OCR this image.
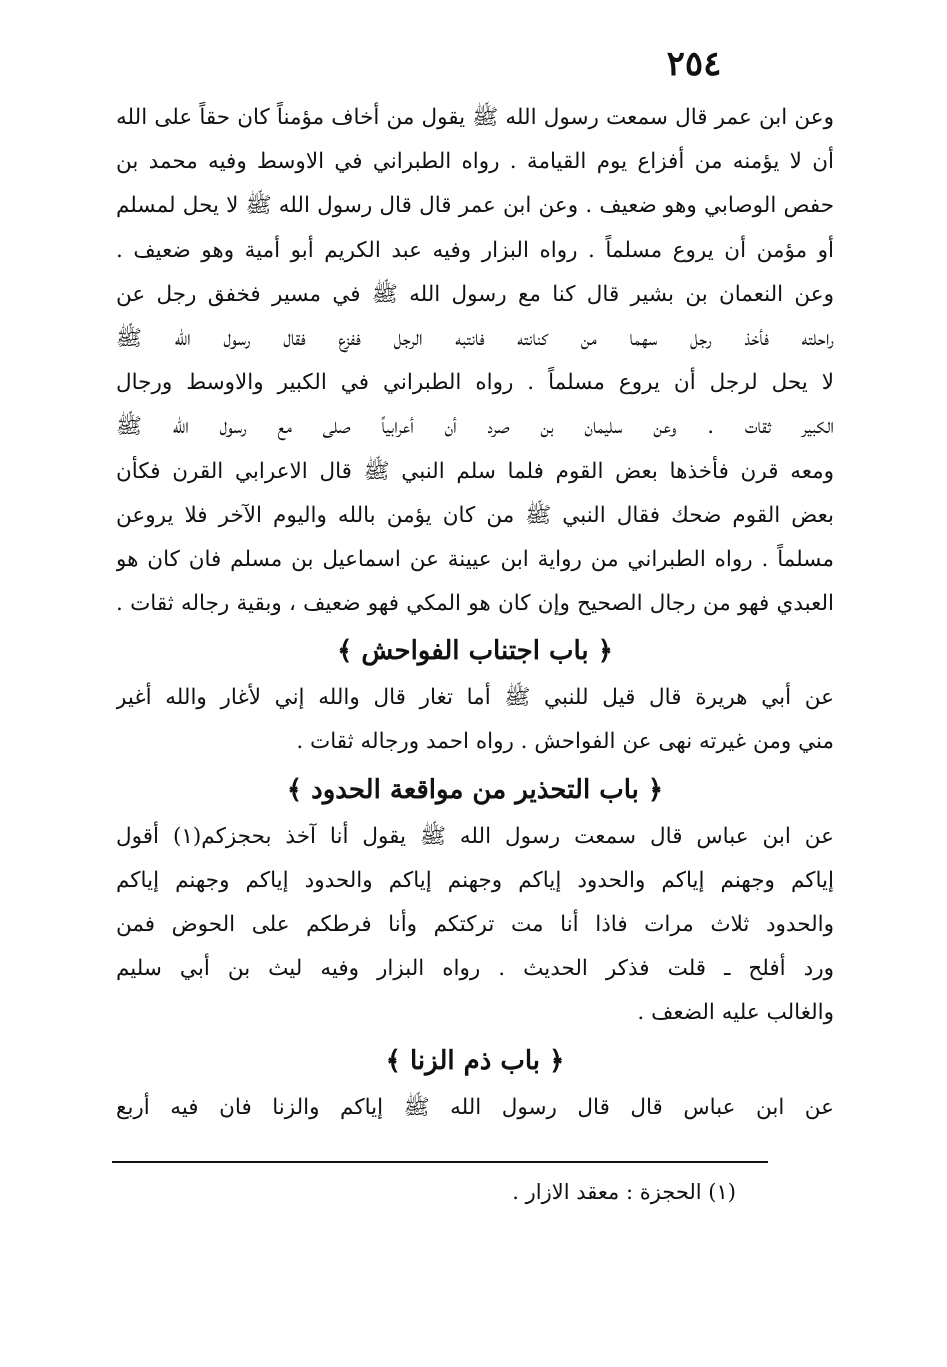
٢٥٤
وعن ابن عمر قال سمعت رسول الله ﷺ يقول من أخاف مؤمناً كان حقاً على الله
أن لا يؤمنه من أفزاع يوم القيامة . رواه الطبراني في الاوسط وفيه محمد بن
حفص الوصابي وهو ضعيف . وعن ابن عمر قال قال رسول الله ﷺ لا يحل لمسلم
أو مؤمن أن يروع مسلماً . رواه البزار وفيه عبد الكريم أبو أمية وهو ضعيف .
وعن النعمان بن بشير قال كنا مع رسول الله ﷺ في مسير فخفق رجل عن
راحلته فأخذ رجل سهما من كنانته فانتبه الرجل ففزع فقال رسول الله ﷺ
لا يحل لرجل أن يروع مسلماً . رواه الطبراني في الكبير والاوسط ورجال
الكبير ثقات . وعن سليمان بن صرد أن أعرابياً صلى مع رسول الله ﷺ
ومعه قرن فأخذها بعض القوم فلما سلم النبي ﷺ قال الاعرابي القرن فكأن
بعض القوم ضحك فقال النبي ﷺ من كان يؤمن بالله واليوم الآخر فلا يروعن
مسلماً . رواه الطبراني من رواية ابن عيينة عن اسماعيل بن مسلم فان كان هو
العبدي فهو من رجال الصحيح وإن كان هو المكي فهو ضعيف ، وبقية رجاله ثقات .
﴿ باب اجتناب الفواحش ﴾
عن أبي هريرة قال قيل للنبي ﷺ أما تغار قال والله إني لأغار والله أغير
مني ومن غيرته نهى عن الفواحش . رواه احمد ورجاله ثقات .
﴿ باب التحذير من مواقعة الحدود ﴾
عن ابن عباس قال سمعت رسول الله ﷺ يقول أنا آخذ بحجزكم(١) أقول
إياكم وجهنم إياكم والحدود إياكم وجهنم إياكم والحدود إياكم وجهنم إياكم
والحدود ثلاث مرات فاذا أنا مت تركتكم وأنا فرطكم على الحوض فمن
ورد أفلح ـ قلت فذكر الحديث . رواه البزار وفيه ليث بن أبي سليم
والغالب عليه الضعف .
﴿ باب ذم الزنا ﴾
عن ابن عباس قال قال رسول الله ﷺ إياكم والزنا فان فيه أربع
(١) الحجزة : معقد الازار .
